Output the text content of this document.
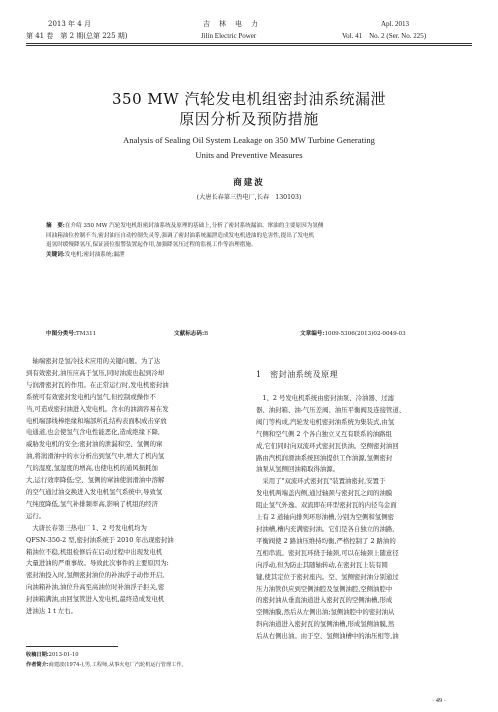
2013 年 4 月
第 41 卷　第 2 期(总第 225 期)
吉　林　电　力
Jilin Electric Power
Apl. 2013
Vol. 41　No. 2 (Ser. No. 225)
350 MW 汽轮发电机组密封油系统漏泄
原因分析及预防措施
Analysis of Sealing Oil System Leakage on 350 MW Turbine Generating
Units and Preventive Measures
商建波
(大唐长春第三热电厂,长春　130103)
摘　要:在介绍 350 MW 汽轮发电机组密封油系统及原理的基础上,分析了密封系统漏油、窜油的主要原因为氢侧
回油箱油位控制不当,密封油压自动控制失灵等,强调了密封油系统漏泄造成发电机进油的危害性,提出了发电机
退氢时缓慢降氢压,保证液位报警装置起作用,加强降氢压过程的监视工作等治理措施。
关键词:发电机;密封油系统;漏泄
中图分类号:TM311	文献标志码:B	文章编号:1009-5306(2013)02-0049-03
轴端密封是氢冷技术应用的关键问题。为了达
到有效密封,油压应高于氢压,同时油流也起到冷却
与润滑密封瓦的作用。在正常运行时,发电机密封油
系统可有效密封发电机内氢气,但控制或操作不
当,可造成密封油进入发电机。含水的油滴容易在发
电机端部线棒绝缘和端部所孔结构表面积成击穿放
电通道,也会使氢气含电性能恶化,造成绝缘下降,
威胁发电机的安全;密封油的泄漏和空、氢侧的窜
油,将润滑油中的水分析出到氢气中,增大了机内氢
气的湿度,氢湿度的增高,也使电机的通风损耗加
大,运行效率降低;空、氢侧的窜油使润滑油中溶解
的空气通过油交换进入发电机氢气系统中,导致氢
气纯度降低,氢气补排频率高,影响了机组的经济
运行。
大唐长春第三热电厂 1、2 号发电机均为
QFSN-350-2 型,密封油系统于 2010 年出现密封油
箱油位不稳,机组检修后在启动过程中出现发电机
大量进油的严重事故。导致此次事件的主要原因为:
密封油投入时,氢侧密封油位的补油浮子动作开启,
向油箱补油,油位升高至高油位时补油浮子拒关,密
封油箱满油,由回氢管进入发电机,最终造成发电机
进油达 1 t 左右。
1　密封油系统及原理
1、2 号发电机系统由密封油泵、冷油器、过滤
器、油封箱、油-气压差阀、油压平衡阀及连接管道、
阀门等构成,汽轮发电机密封油系统为集装式,由氢
气侧和空气侧 2 个各自独立又互有联系的油路组
成,它们同时向双流环式密封瓦供油。空侧密封油回
路由汽机润滑油系统回油提供工作油源,氢侧密封
油泵从氢侧回油箱取得油源。
采用了"双流环式密封瓦"装置油密封,安置于
发电机两端盖内侧,通过轴颈与密封瓦之间的油膜
阻止氢气外逸。双流即在环型密封瓦的内径乌金面
上有 2 道轴向排列环形油槽,分别为空侧和氢侧密
封油槽,槽内充满密封油。它们是各自独立的油路,
平衡阀使 2 路油压维持均衡,严格控制了 2 路油的
互相串流。密封瓦环绕于轴颈,可以在轴颈上随意径
向浮动,但为防止其随轴转动,在密封瓦上装有圆
键,使其定位于密封座内。空、氢侧密封油分别通过
压力油管供应到空侧油腔及氢侧油腔,空侧油腔中
的密封油从垂直油道进入密封瓦的空侧油槽,形成
空侧油膜,然后从左侧出油;氢侧油腔中的密封油从
斜向油道进入密封瓦的氢侧油槽,形成氢侧油膜,然
后从右侧出油。由于空、氢侧油槽中的油压相等,油
收稿日期:2013-01-10
作者简介:商建波(1974-),男,工程师,从事火电厂汽轮机运行管理工作。
· 49 ·
